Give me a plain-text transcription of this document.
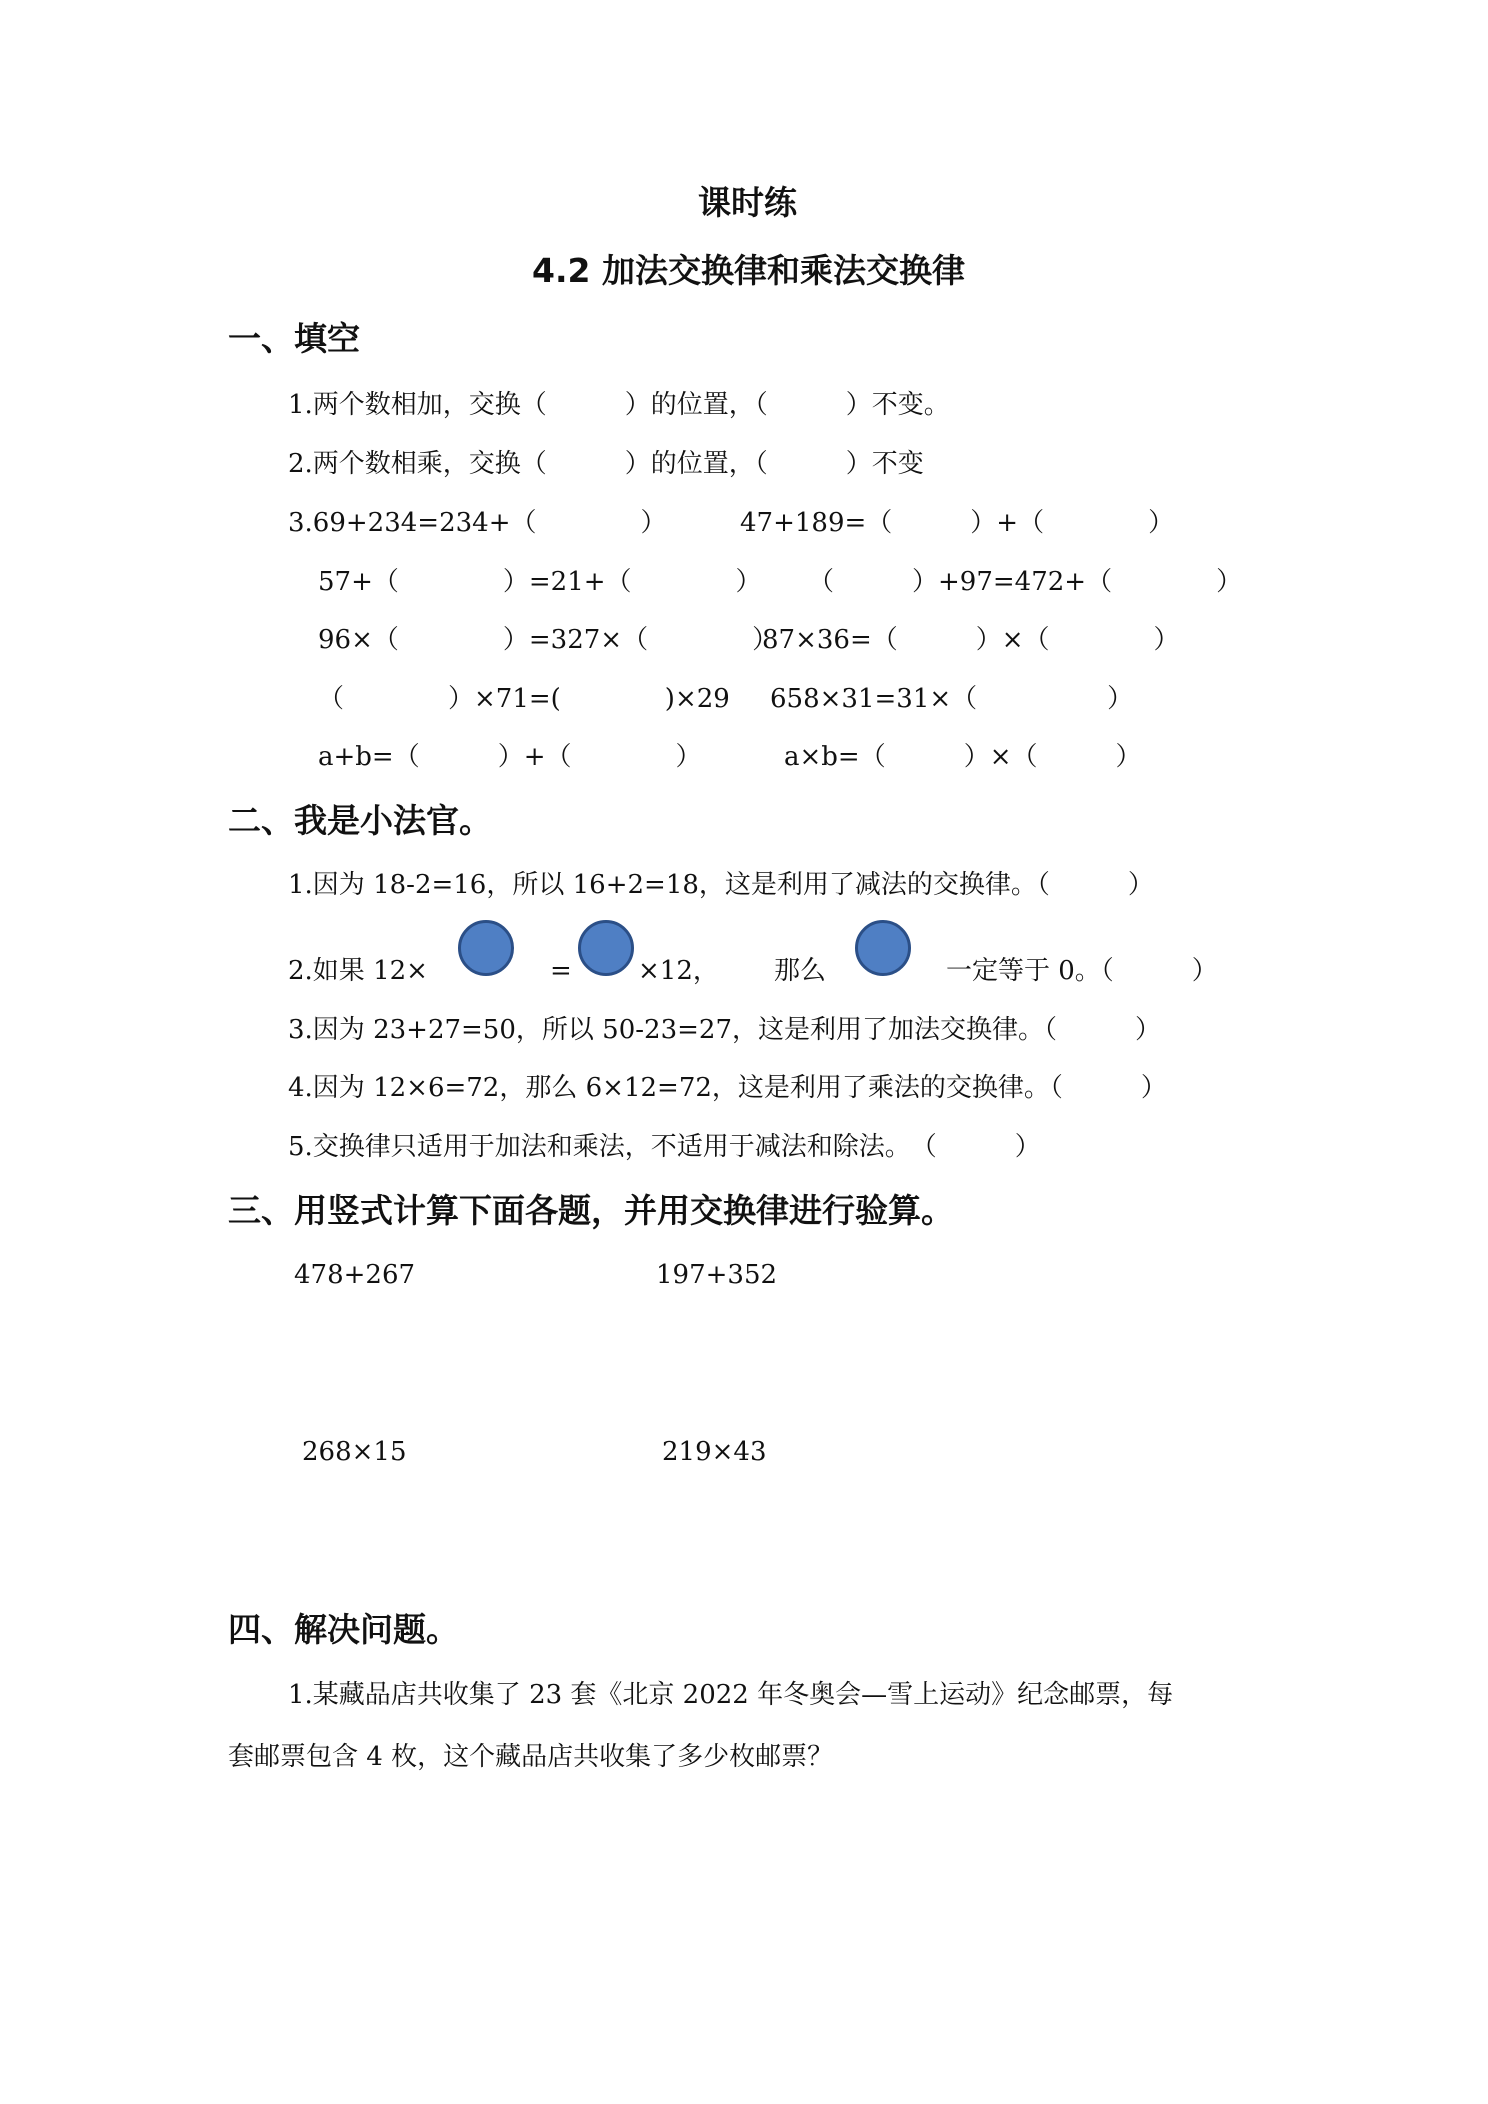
课时练
4.2 加法交换律和乘法交换律
一、填空
1.两个数相加，交换（　　　）的位置，（　　　）不变。
2.两个数相乘，交换（　　　）的位置，（　　　）不变
3.69+234=234+（　　　　）	47+189=（　　　）+（　　　　）
57+（　　　　）=21+（　　　　） （　　　）+97=472+（　　　　）
96×（　　　　）=327×（　　　　）
87×36=（　　　）×（　　　　）
（　　　　）×71=(　　　　)×29 658×31=31×（　　　　　）
a+b=（　　　）+（　　　　）	a×b=（　　　）×（　　　）
二、我是小法官。
1.因为 18-2=16，所以 16+2=18，这是利用了减法的交换律。（　　　）
2.如果 12×	=	×12， 那么	一定等于 0。（　　　）
3.因为 23+27=50，所以 50-23=27，这是利用了加法交换律。（　　　）
4.因为 12×6=72，那么 6×12=72，这是利用了乘法的交换律。（　　　）
5.交换律只适用于加法和乘法，不适用于减法和除法。　（　　　）
三、用竖式计算下面各题，并用交换律进行验算。
478+267	197+352
268×15	219×43
四、解决问题。
1.某藏品店共收集了 23 套《北京 2022 年冬奥会—雪上运动》纪念邮票，每
套邮票包含 4 枚，这个藏品店共收集了多少枚邮票？
